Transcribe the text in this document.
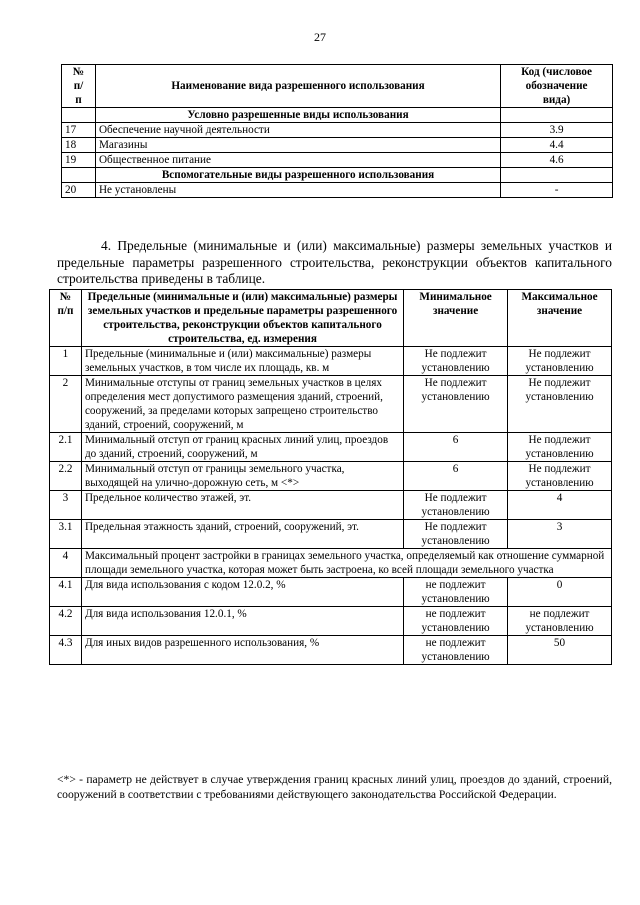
27
№
п/
п	Наименование вида разрешенного использования	Код (числовое
обозначение
вида)
	Условно разрешенные виды использования	
17	Обеспечение научной деятельности	3.9
18	Магазины	4.4
19	Общественное питание	4.6
	Вспомогательные виды разрешенного использования	
20	Не установлены	-
4. Предельные (минимальные и (или) максимальные) размеры земельных участков и предельные параметры разрешенного строительства, реконструкции объектов капитального строительства приведены в таблице.
№
п/п	Предельные (минимальные и (или) максимальные) размеры земельных участков и предельные параметры разрешенного строительства, реконструкции объектов капитального строительства, ед. измерения	Минимальное
значение	Максимальное
значение
1	Предельные (минимальные и (или) максимальные) размеры земельных участков, в том числе их площадь, кв. м	Не подлежит установлению	Не подлежит установлению
2	Минимальные отступы от границ земельных участков в целях определения мест допустимого размещения зданий, строений, сооружений, за пределами которых запрещено строительство зданий, строений, сооружений, м	Не подлежит установлению	Не подлежит установлению
2.1	Минимальный отступ от границ красных линий улиц, проездов до зданий, строений, сооружений, м	6	Не подлежит установлению
2.2	Минимальный отступ от границы земельного участка, выходящей на улично-дорожную сеть, м <*>	6	Не подлежит установлению
3	Предельное количество этажей, эт.	Не подлежит установлению	4
3.1	Предельная этажность зданий, строений, сооружений, эт.	Не подлежит установлению	3
4	Максимальный процент застройки в границах земельного участка, определяемый как отношение суммарной площади земельного участка, которая может быть застроена, ко всей площади земельного участка		
4.1	Для вида использования с кодом 12.0.2, %	не подлежит установлению	0
4.2	Для вида использования 12.0.1, %	не подлежит установлению	не подлежит установлению
4.3	Для иных видов разрешенного использования, %	не подлежит установлению	50
<*> - параметр не действует в случае утверждения границ красных линий улиц, проездов до зданий, строений, сооружений в соответствии с требованиями действующего законодательства Российской Федерации.
